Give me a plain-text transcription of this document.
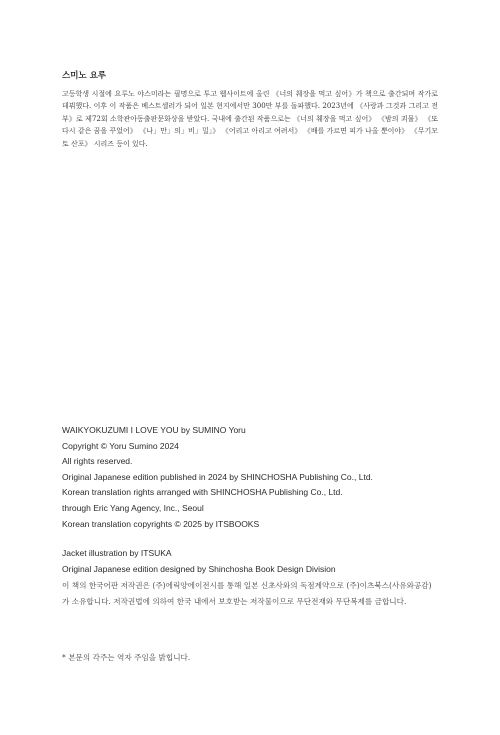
스미노 요루

고등학생 시절에 요루노 야스미라는 필명으로 투고 웹사이트에 올린 《너의 췌장을 먹고 싶어》가 책으로 출간되며 작가로 데뷔했다. 이후 이 작품은 베스트셀러가 되어 일본 현지에서만 300만 부를 돌파했다. 2023년에 《사랑과 그것과 그리고 전부》로 제72회 소학관아동출판문화상을 받았다. 국내에 출간된 작품으로는 《너의 췌장을 먹고 싶어》 《밤의 괴물》 《또다시 같은 꿈을 꾸었어》 《나」만」의」비」밀」》 《어리고 아리고 여려서》 《배를 가르면 피가 나올 뿐이야》 《무기모토 산포》 시리즈 등이 있다.

WAIKYOKUZUMI I LOVE YOU by SUMINO Yoru
Copyright © Yoru Sumino 2024
All rights reserved.
Original Japanese edition published in 2024 by SHINCHOSHA Publishing Co., Ltd.
Korean translation rights arranged with SHINCHOSHA Publishing Co., Ltd.
through Eric Yang Agency, Inc., Seoul
Korean translation copyrights © 2025 by ITSBOOKS
Jacket illustration by ITSUKA
Original Japanese edition designed by Shinchosha Book Design Division

이 책의 한국어판 저작권은 (주)에릭양에이전시를 통해 일본 신초사와의 독점계약으로 (주)이츠북스(사유와공감)가 소유합니다. 저작권법에 의하여 한국 내에서 보호받는 저작물이므로 무단전재와 무단복제를 금합니다.

* 본문의 각주는 역자 주임을 밝힙니다.
